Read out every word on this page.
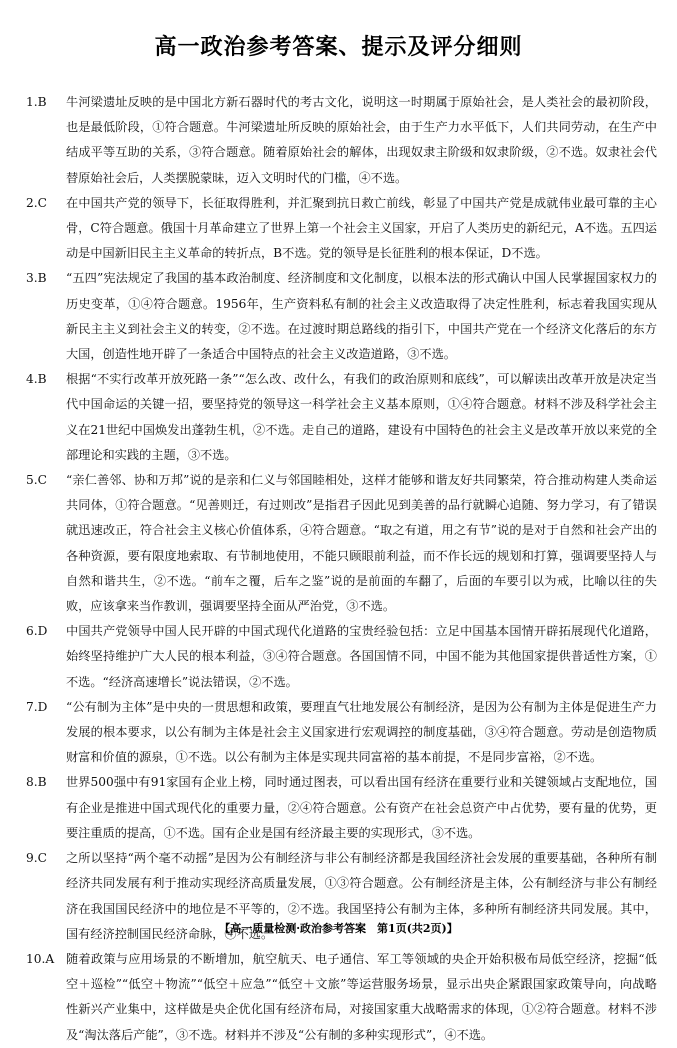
高一政治参考答案、提示及评分细则
1.B	牛河梁遗址反映的是中国北方新石器时代的考古文化，说明这一时期属于原始社会，是人类社会的最初阶段，也是最低阶段，①符合题意。牛河梁遗址所反映的原始社会，由于生产力水平低下，人们共同劳动，在生产中结成平等互助的关系，③符合题意。随着原始社会的解体，出现奴隶主阶级和奴隶阶级，②不选。奴隶社会代替原始社会后，人类摆脱蒙昧，迈入文明时代的门槛，④不选。
2.C	在中国共产党的领导下，长征取得胜利，并汇聚到抗日救亡前线，彰显了中国共产党是成就伟业最可靠的主心骨，C符合题意。俄国十月革命建立了世界上第一个社会主义国家，开启了人类历史的新纪元，A不选。五四运动是中国新旧民主主义革命的转折点，B不选。党的领导是长征胜利的根本保证，D不选。
3.B	“五四”宪法规定了我国的基本政治制度、经济制度和文化制度，以根本法的形式确认中国人民掌握国家权力的历史变革，①④符合题意。1956年，生产资料私有制的社会主义改造取得了决定性胜利，标志着我国实现从新民主主义到社会主义的转变，②不选。在过渡时期总路线的指引下，中国共产党在一个经济文化落后的东方大国，创造性地开辟了一条适合中国特点的社会主义改造道路，③不选。
4.B	根据“不实行改革开放死路一条”“怎么改、改什么，有我们的政治原则和底线”，可以解读出改革开放是决定当代中国命运的关键一招，要坚持党的领导这一科学社会主义基本原则，①④符合题意。材料不涉及科学社会主义在21世纪中国焕发出蓬勃生机，②不选。走自己的道路，建设有中国特色的社会主义是改革开放以来党的全部理论和实践的主题，③不选。
5.C	“亲仁善邻、协和万邦”说的是亲和仁义与邻国睦相处，这样才能够和谐友好共同繁荣，符合推动构建人类命运共同体，①符合题意。“见善则迁，有过则改”是指君子因此见到美善的品行就瞬心追随、努力学习，有了错误就迅速改正，符合社会主义核心价值体系，④符合题意。“取之有道，用之有节”说的是对于自然和社会产出的各种资源，要有限度地索取、有节制地使用，不能只顾眼前利益，而不作长远的规划和打算，强调要坚持人与自然和谐共生，②不选。“前车之覆，后车之鉴”说的是前面的车翻了，后面的车要引以为戒，比喻以往的失败，应该拿来当作教训，强调要坚持全面从严治党，③不选。
6.D	中国共产党领导中国人民开辟的中国式现代化道路的宝贵经验包括：立足中国基本国情开辟拓展现代化道路，始终坚持维护广大人民的根本利益，③④符合题意。各国国情不同，中国不能为其他国家提供普适性方案，①不选。“经济高速增长”说法错误，②不选。
7.D	“公有制为主体”是中央的一贯思想和政策，要理直气壮地发展公有制经济，是因为公有制为主体是促进生产力发展的根本要求，以公有制为主体是社会主义国家进行宏观调控的制度基础，③④符合题意。劳动是创造物质财富和价值的源泉，①不选。以公有制为主体是实现共同富裕的基本前提，不是同步富裕，②不选。
8.B	世界500强中有91家国有企业上榜，同时通过图表，可以看出国有经济在重要行业和关键领域占支配地位，国有企业是推进中国式现代化的重要力量，②④符合题意。公有资产在社会总资产中占优势，要有量的优势，更要注重质的提高，①不选。国有企业是国有经济最主要的实现形式，③不选。
9.C	之所以坚持“两个毫不动摇”是因为公有制经济与非公有制经济都是我国经济社会发展的重要基础，各种所有制经济共同发展有利于推动实现经济高质量发展，①③符合题意。公有制经济是主体，公有制经济与非公有制经济在我国国民经济中的地位是不平等的，②不选。我国坚持公有制为主体，多种所有制经济共同发展。其中，国有经济控制国民经济命脉，④不选。
10.A 随着政策与应用场景的不断增加，航空航天、电子通信、军工等领域的央企开始积极布局低空经济，挖掘“低空＋巡检”“低空＋物流”“低空＋应急”“低空＋文旅”等运营服务场景，显示出央企紧跟国家政策导向，向战略性新兴产业集中，这样做是央企优化国有经济布局，对接国家重大战略需求的体现，①②符合题意。材料不涉及“淘汰落后产能”，③不选。材料并不涉及“公有制的多种实现形式”，④不选。
【高一质量检测·政治参考答案　第1页(共2页)】
